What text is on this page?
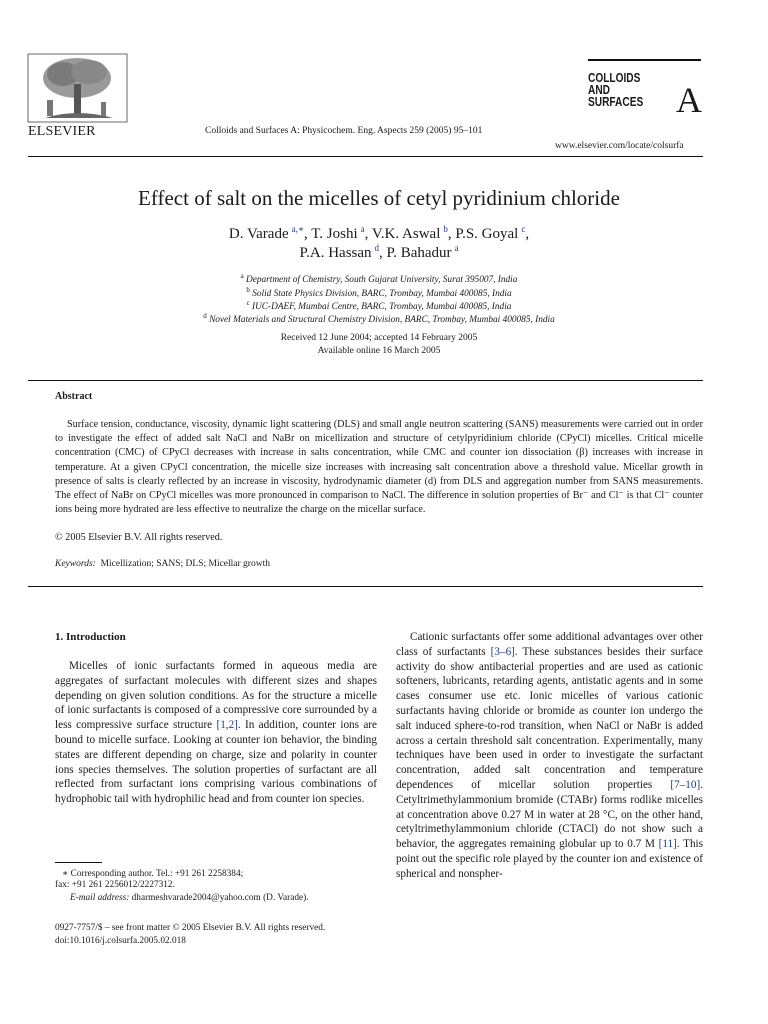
ELSEVIER	Colloids and Surfaces A: Physicochem. Eng. Aspects 259 (2005) 95–101
COLLOIDS
AND
SURFACES A
www.elsevier.com/locate/colsurfa
Effect of salt on the micelles of cetyl pyridinium chloride
D. Varade  $^{a,∗}$, T. Joshi  $^a$, V.K. Aswal  $^b$, P.S. Goyal  $^c$,
P.A. Hassan  $^d$, P. Bahadur  $^a$
$^a$ Department of Chemistry, South Gujarat University, Surat 395007, India
$^b$ Solid State Physics Division, BARC, Trombay, Mumbai 400085, India
$^c$ IUC-DAEF, Mumbai Centre, BARC, Trombay, Mumbai 400085, India
$^d$ Novel Materials and Structural Chemistry Division, BARC, Trombay, Mumbai 400085, India
Received 12 June 2004; accepted 14 February 2005
Available online 16 March 2005
Abstract
Surface tension, conductance, viscosity, dynamic light scattering (DLS) and small angle neutron scattering (SANS) measurements were carried out in order to investigate the effect of added salt NaCl and NaBr on micellization and structure of cetylpyridinium chloride (CPyCl) micelles. Critical micelle concentration (CMC) of CPyCl decreases with increase in salts concentration, while CMC and counter ion dissociation (β) increases with increase in temperature. At a given CPyCl concentration, the micelle size increases with increasing salt concentration above a threshold value. Micellar growth in presence of salts is clearly reflected by an increase in viscosity, hydrodynamic diameter (d) from DLS and aggregation number from SANS measurements. The effect of NaBr on CPyCl micelles was more pronounced in comparison to NaCl. The difference in solution properties of Br⁻ and Cl⁻ is that Cl⁻ counter ions being more hydrated are less effective to neutralize the charge on the micellar surface.
© 2005 Elsevier B.V. All rights reserved.
Keywords: Micellization; SANS; DLS; Micellar growth
1. Introduction
Micelles of ionic surfactants formed in aqueous media are aggregates of surfactant molecules with different sizes and shapes depending on given solution conditions. As for the structure a micelle of ionic surfactants is composed of a compressive core surrounded by a less compressive surface structure [1,2]. In addition, counter ions are bound to micelle surface. Looking at counter ion behavior, the binding states are different depending on charge, size and polarity in counter ions species themselves. The solution properties of surfactant are all reflected from surfactant ions comprising various combinations of hydrophobic tail with hydrophilic head and from counter ion species.
Cationic surfactants offer some additional advantages over other class of surfactants [3–6]. These substances besides their surface activity do show antibacterial properties and are used as cationic softeners, lubricants, retarding agents, antistatic agents and in some cases consumer use etc. Ionic micelles of various cationic surfactants having chloride or bromide as counter ion undergo the salt induced sphere-to-rod transition, when NaCl or NaBr is added across a certain threshold salt concentration. Experimentally, many techniques have been used in order to investigate the surfactant concentration, added salt concentration and temperature dependences of micellar solution properties [7–10]. Cetyltrimethylammonium bromide (CTABr) forms rodlike micelles at concentration above 0.27 M in water at 28 °C, on the other hand, cetyltrimethylammonium chloride (CTACl) do not show such a behavior, the aggregates remaining globular up to 0.7 M [11]. This point out the specific role played by the counter ion and existence of spherical and nonspher-
∗ Corresponding author. Tel.: +91 261 2258384;
fax: +91 261 2256012/2227312.
E-mail address: dharmeshvarade2004@yahoo.com (D. Varade).
0927-7757/$ – see front matter © 2005 Elsevier B.V. All rights reserved.
doi:10.1016/j.colsurfa.2005.02.018
